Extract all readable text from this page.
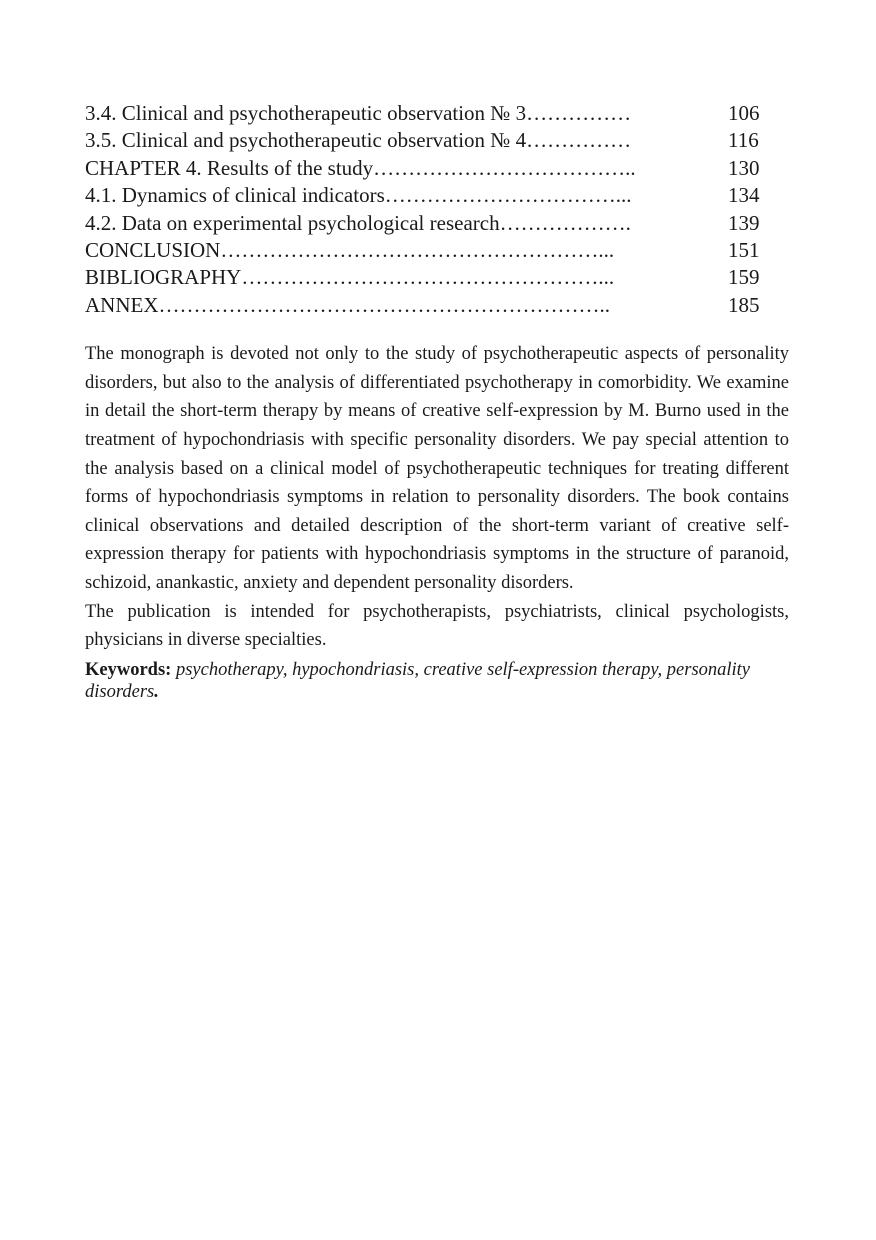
3.4. Clinical and psychotherapeutic observation № 3……………	106
3.5. Clinical and psychotherapeutic observation № 4……………	116
CHAPTER 4. Results of the study………………………………..	130
4.1. Dynamics of clinical indicators……………………………...	134
4.2. Data on experimental psychological research……………….	139
CONCLUSION………………………………………………...	151
BIBLIOGRAPHY……………………………………………...	159
ANNEX………………………………………………………..	185

The monograph is devoted not only to the study of psychotherapeutic aspects of personality disorders, but also to the analysis of differentiated psychotherapy in comorbidity. We examine in detail the short-term therapy by means of creative self-expression by M. Burno used in the treatment of hypochondriasis with specific personality disorders. We pay special attention to the analysis based on a clinical model of psychotherapeutic techniques for treating different forms of hypochondriasis symptoms in relation to personality disorders. The book contains clinical observations and detailed description of the short-term variant of creative self-expression therapy for patients with hypochondriasis symptoms in the structure of paranoid, schizoid, anankastic, anxiety and dependent personality disorders.

The publication is intended for psychotherapists, psychiatrists, clinical psychologists, physicians in diverse specialties.

Keywords: psychotherapy, hypochondriasis, creative self-expression therapy, personality disorders.
